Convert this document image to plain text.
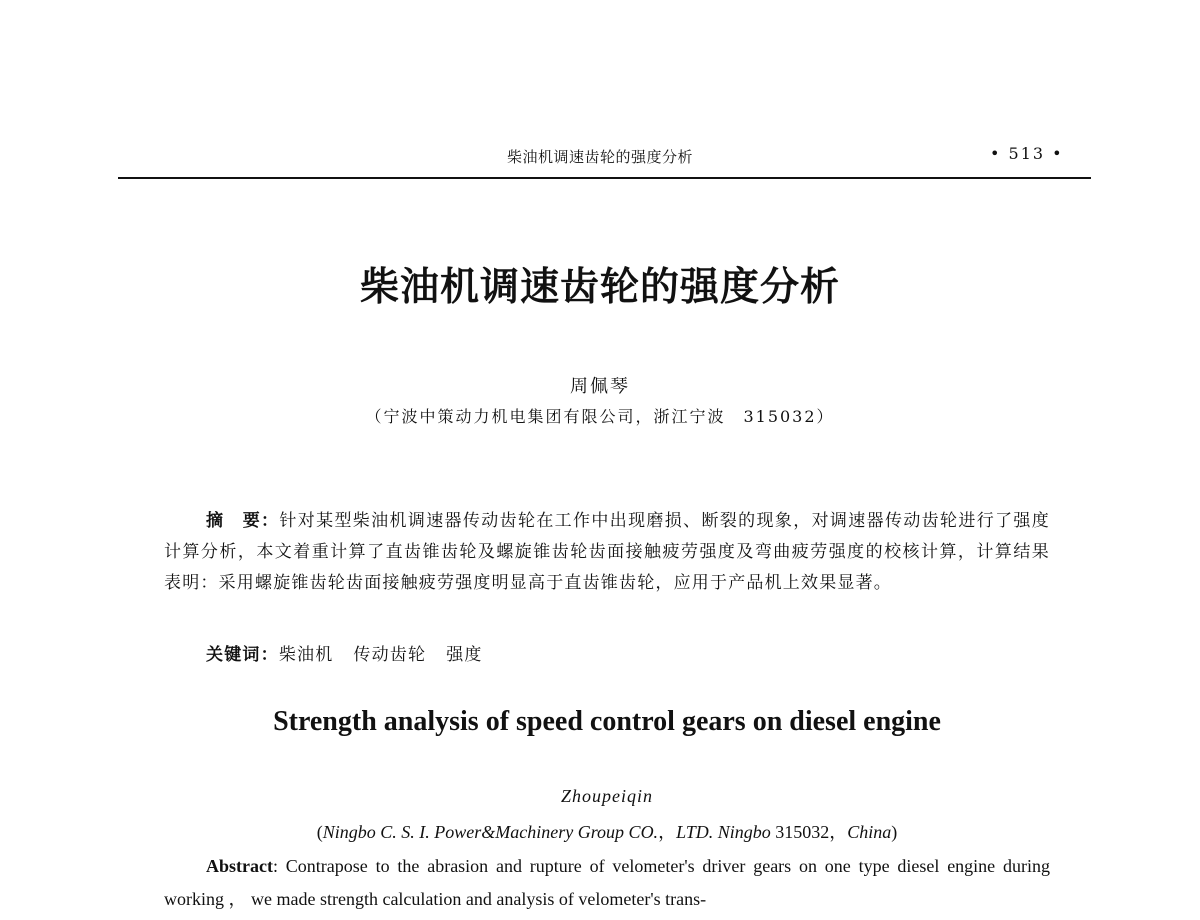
柴油机调速齿轮的强度分析	• 513 •
柴油机调速齿轮的强度分析
周佩琴
（宁波中策动力机电集团有限公司，浙江宁波　315032）
摘　要：针对某型柴油机调速器传动齿轮在工作中出现磨损、断裂的现象，对调速器传动齿轮进行了强度计算分析，本文着重计算了直齿锥齿轮及螺旋锥齿轮齿面接触疲劳强度及弯曲疲劳强度的校核计算，计算结果表明：采用螺旋锥齿轮齿面接触疲劳强度明显高于直齿锥齿轮，应用于产品机上效果显著。
关键词：柴油机 传动齿轮 强度
Strength analysis of speed control gears on diesel engine
Zhoupeiqin
(Ningbo C. S. I. Power&Machinery Group CO.，LTD. Ningbo 315032，China)
Abstract: Contrapose to the abrasion and rupture of velometer's driver gears on one type diesel engine during working ， we made strength calculation and analysis of velometer's trans-
